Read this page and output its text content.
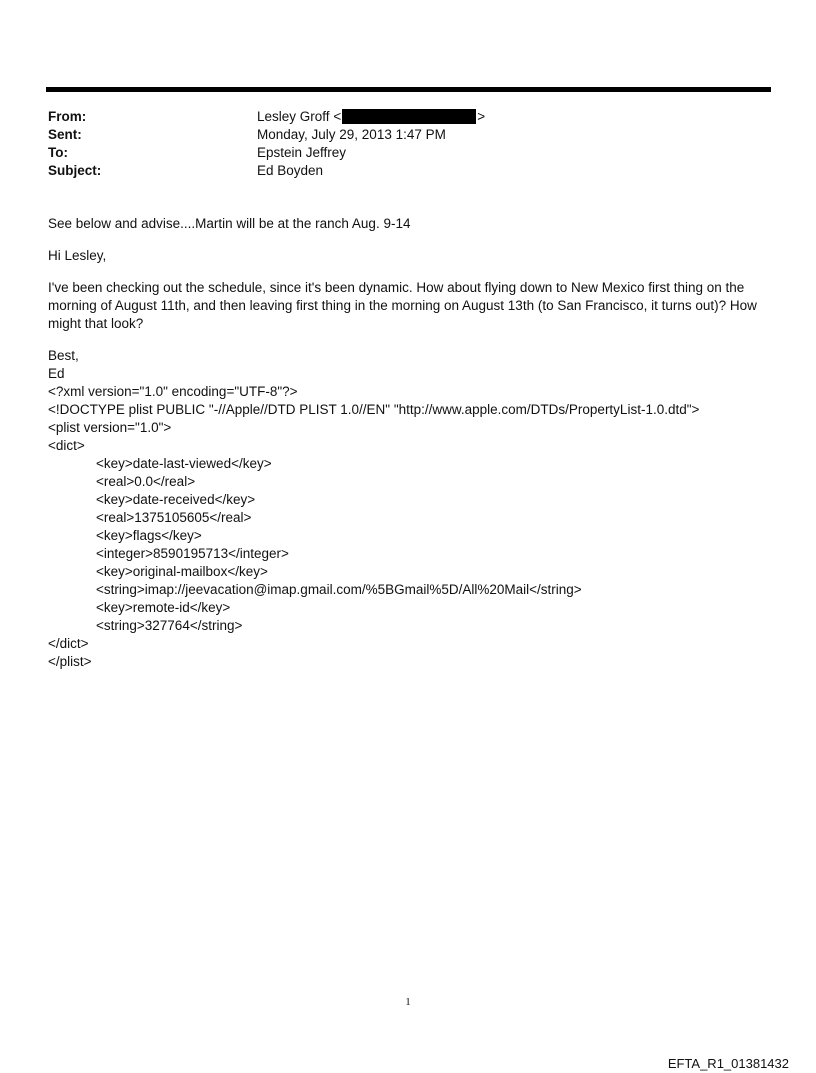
From:	Lesley Groff <	>
Sent:	Monday, July 29, 2013 1:47 PM
To:	Epstein Jeffrey
Subject:	Ed Boyden

See below and advise....Martin will be at the ranch Aug. 9-14

Hi Lesley,

I've been checking out the schedule, since it's been dynamic. How about flying down to New Mexico first thing on the morning of August 11th, and then leaving first thing in the morning on August 13th (to San Francisco, it turns out)? How might that look?

Best,
Ed
<?xml version="1.0" encoding="UTF-8"?>
<!DOCTYPE plist PUBLIC "-//Apple//DTD PLIST 1.0//EN" "http://www.apple.com/DTDs/PropertyList-1.0.dtd">
<plist version="1.0">
<dict>
<key>date-last-viewed</key>
<real>0.0</real>
<key>date-received</key>
<real>1375105605</real>
<key>flags</key>
<integer>8590195713</integer>
<key>original-mailbox</key>
<string>imap://jeevacation@imap.gmail.com/%5BGmail%5D/All%20Mail</string>
<key>remote-id</key>
<string>327764</string>
</dict>
</plist>
1
EFTA_R1_01381432
